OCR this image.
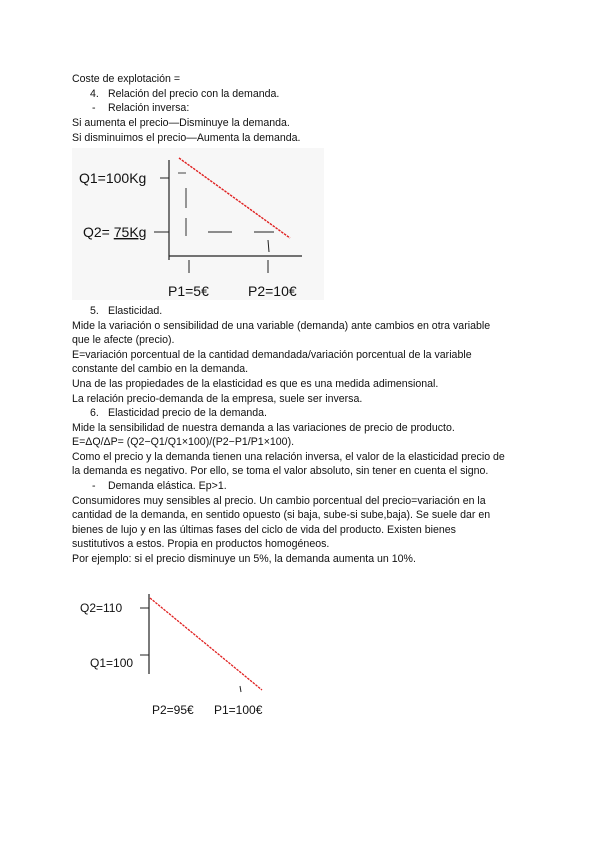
Coste de explotación =
4. Relación del precio con la demanda.
- Relación inversa:
Si aumenta el precio—Disminuye la demanda.
Si disminuimos el precio—Aumenta la demanda.
Q1=100Kg
Q2= 75Kg
P1=5€	P2=10€
5. Elasticidad.
Mide la variación o sensibilidad de una variable (demanda) ante cambios en otra variable
que le afecte (precio).
E=variación porcentual de la cantidad demandada/variación porcentual de la variable
constante del cambio en la demanda.
Una de las propiedades de la elasticidad es que es una medida adimensional.
La relación precio-demanda de la empresa, suele ser inversa.
6. Elasticidad precio de la demanda.
Mide la sensibilidad de nuestra demanda a las variaciones de precio de producto.
E=ΔQ/ΔP= (Q2−Q1/Q1×100)/(P2−P1/P1×100).
Como el precio y la demanda tienen una relación inversa, el valor de la elasticidad precio de
la demanda es negativo. Por ello, se toma el valor absoluto, sin tener en cuenta el signo.
- Demanda elástica. Ep>1.
Consumidores muy sensibles al precio. Un cambio porcentual del precio=variación en la
cantidad de la demanda, en sentido opuesto (si baja, sube-si sube,baja). Se suele dar en
bienes de lujo y en las últimas fases del ciclo de vida del producto. Existen bienes
sustitutivos a estos. Propia en productos homogéneos.
Por ejemplo: si el precio disminuye un 5%, la demanda aumenta un 10%.
Q2=110
Q1=100
P2=95€ P1=100€
